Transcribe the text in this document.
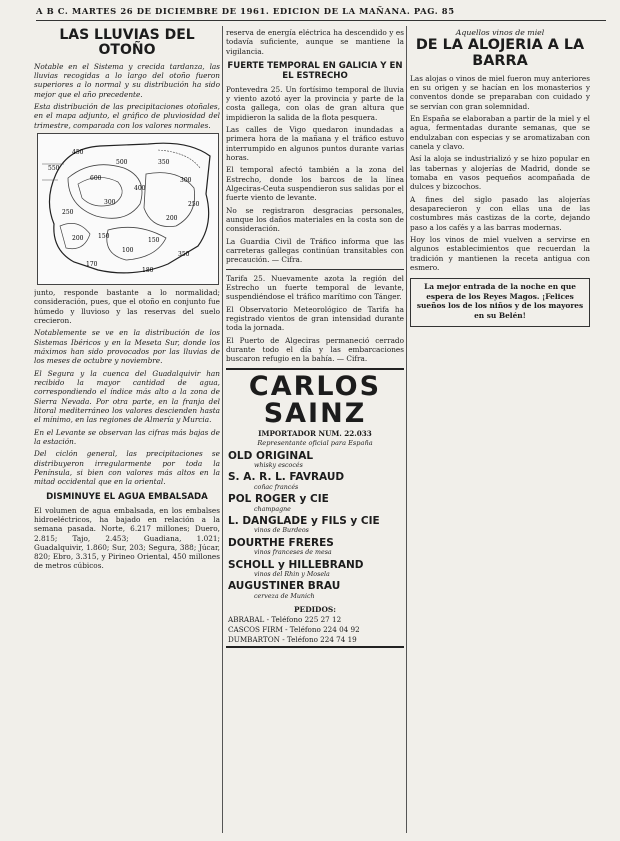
A B C. MARTES 26 DE DICIEMBRE DE 1961. EDICION DE LA MAÑANA. PAG. 85
LAS LLUVIAS DEL OTOÑO

Notable en el Sistema y crecida tardanza, las lluvias recogidas a lo largo del otoño fueron superiores a lo normal y su distribución ha sido mejor que el año precedente.

Esta distribución de las precipitaciones otoñales, en el mapa adjunto, el gráfico de pluviosidad del trimestre, comparada con los valores normales.

450
550
600
500
400
350
300
250
200
150
100
150
200
250
300
350
170
180

junto, responde bastante a lo normalidad; consideración, pues, que el otoño en conjunto fue húmedo y lluvioso y las reservas del suelo crecieron.

Notablemente se ve en la distribución de los Sistemas Ibéricos y en la Meseta Sur, donde los máximos han sido provocados por las lluvias de los meses de octubre y noviembre.

El Segura y la cuenca del Guadalquivir han recibido la mayor cantidad de agua, correspondiendo el índice más alto a la zona de Sierra Nevada. Por otra parte, en la franja del litoral mediterráneo los valores descienden hasta el mínimo, en las regiones de Almería y Murcia.

En el Levante se observan las cifras más bajas de la estación.

Del ciclón general, las precipitaciones se distribuyeron irregularmente por toda la Península, si bien con valores más altos en la mitad occidental que en la oriental.

DISMINUYE EL AGUA EMBALSADA

El volumen de agua embalsada, en los embalses hidroeléctricos, ha bajado en relación a la semana pasada. Norte, 6.217 millones; Duero, 2.815; Tajo, 2.453; Guadiana, 1.021; Guadalquivir, 1.860; Sur, 203; Segura, 388; Júcar, 820; Ebro, 3.315, y Pirineo Oriental, 450 millones de metros cúbicos.

reserva de energía eléctrica ha descendido y es todavía suficiente, aunque se mantiene la vigilancia.

FUERTE TEMPORAL EN GALICIA Y EN EL ESTRECHO

Pontevedra 25. Un fortísimo temporal de lluvia y viento azotó ayer la provincia y parte de la costa gallega, con olas de gran altura que impidieron la salida de la flota pesquera.

Las calles de Vigo quedaron inundadas a primera hora de la mañana y el tráfico estuvo interrumpido en algunos puntos durante varias horas.

El temporal afectó también a la zona del Estrecho, donde los barcos de la línea Algeciras-Ceuta suspendieron sus salidas por el fuerte viento de levante.

No se registraron desgracias personales, aunque los daños materiales en la costa son de consideración.

La Guardia Civil de Tráfico informa que las carreteras gallegas continúan transitables con precaución. — Cifra.

Tarifa 25. Nuevamente azota la región del Estrecho un fuerte temporal de levante, suspendiéndose el tráfico marítimo con Tánger.

El Observatorio Meteorológico de Tarifa ha registrado vientos de gran intensidad durante toda la jornada.

El Puerto de Algeciras permaneció cerrado durante todo el día y las embarcaciones buscaron refugio en la bahía. — Cifra.

CARLOS SAINZ
IMPORTADOR NUM. 22.033
Representante oficial para España
OLD ORIGINAL
whisky escocés
S. A. R. L. FAVRAUD
coñac francés
POL ROGER y CIE
champagne
L. DANGLADE y FILS y CIE
vinos de Burdeos
DOURTHE FRERES
vinos franceses de mesa
SCHOLL y HILLEBRAND
vinos del Rhin y Mosela
AUGUSTINER BRAU
cerveza de Munich
PEDIDOS:

ABRABAL - Teléfono 225 27 12

CASCOS FIRM - Teléfono 224 04 92

DUMBARTON - Teléfono 224 74 19

Aquellos vinos de miel
DE LA ALOJERIA A LA BARRA

Las alojas o vinos de miel fueron muy anteriores en su origen y se hacían en los monasterios y conventos donde se preparaban con cuidado y se servían con gran solemnidad.

En España se elaboraban a partir de la miel y el agua, fermentadas durante semanas, que se endulzaban con especias y se aromatizaban con canela y clavo.

Así la aloja se industrializó y se hizo popular en las tabernas y alojerías de Madrid, donde se tomaba en vasos pequeños acompañada de dulces y bizcochos.

A fines del siglo pasado las alojerías desaparecieron y con ellas una de las costumbres más castizas de la corte, dejando paso a los cafés y a las barras modernas.

Hoy los vinos de miel vuelven a servirse en algunos establecimientos que recuerdan la tradición y mantienen la receta antigua con esmero.

La mejor entrada de la noche en que espera de los Reyes Magos. ¡Felices sueños los de los niños y de los mayores en su Belén!
